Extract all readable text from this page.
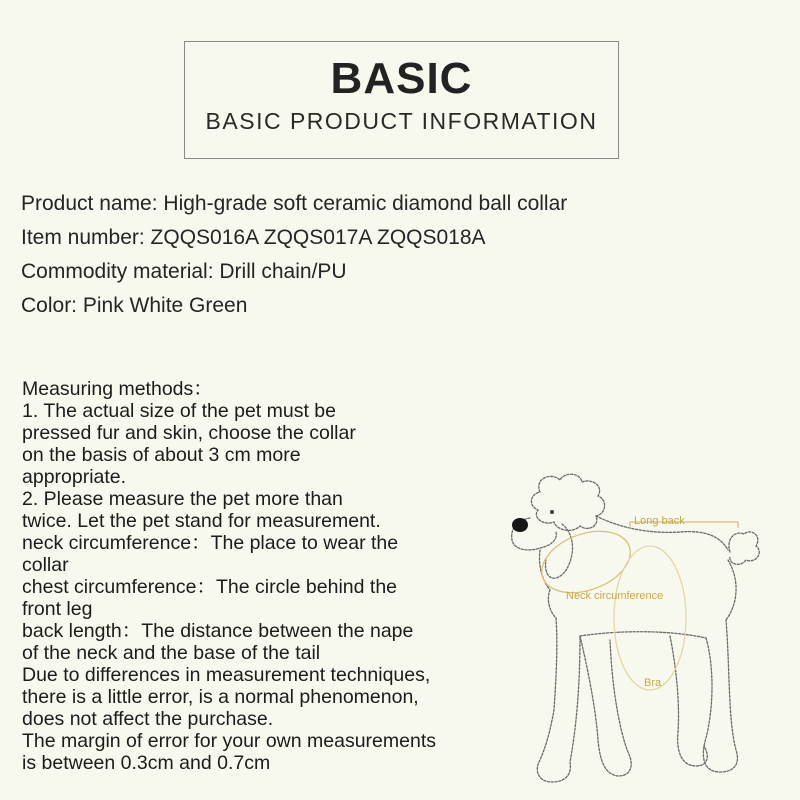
BASIC
BASIC PRODUCT INFORMATION
Product name: High-grade soft ceramic diamond ball collar
Item number: ZQQS016A ZQQS017A ZQQS018A
Commodity material: Drill chain/PU
Color: Pink White Green
Measuring methods：
1. The actual size of the pet must be
pressed fur and skin, choose the collar
on the basis of about 3 cm more
appropriate.
2. Please measure the pet more than
twice. Let the pet stand for measurement.
neck circumference：The place to wear the
collar
chest circumference：The circle behind the
front leg
back length：The distance between the nape
of the neck and the base of the tail
Due to differences in measurement techniques,
there is a little error, is a normal phenomenon,
does not affect the purchase.
The margin of error for your own measurements
is between 0.3cm and 0.7cm
Long back
Neck circumference
Bra
